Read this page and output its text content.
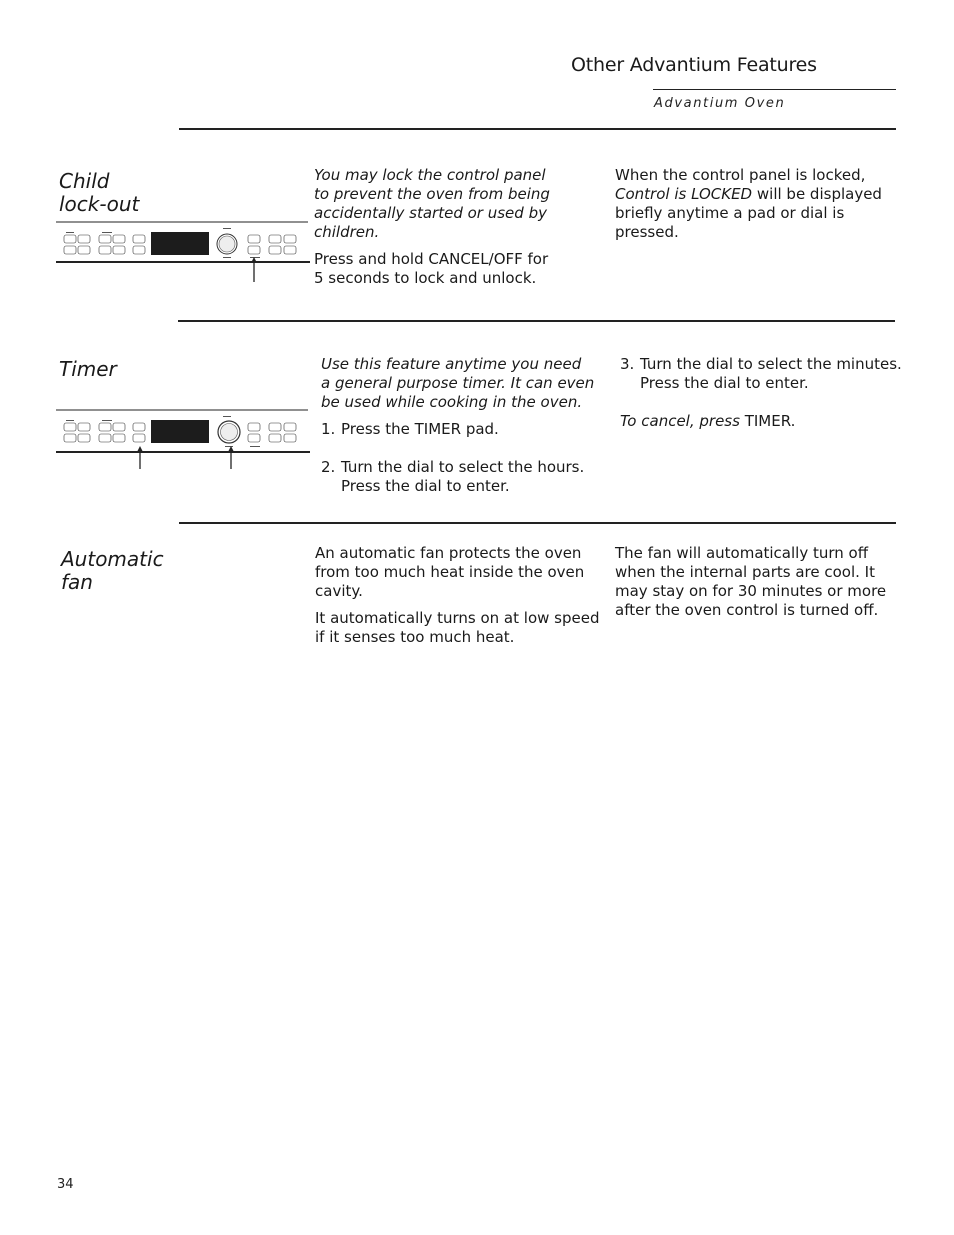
Other Advantium Features
Advantium Oven
Child
lock-out

You may lock the control panel

to prevent the oven from being

accidentally started or used by children.

Press and hold CANCEL/OFF for

5 seconds to lock and unlock.

When the control panel is locked,

Control is LOCKED will be displayed

briefly anytime a pad or dial is

pressed.

Timer	Use this feature anytime you need

a general purpose timer. It can even

be used while cooking in the oven.

1. Press the TIMER pad.
2. Turn the dial to select the hours.

Press the dial to enter.

3. Turn the dial to select the minutes.

Press the dial to enter.

To cancel, press TIMER.

Automatic
fan

An automatic fan protects the oven

from too much heat inside the oven

cavity.

It automatically turns on at low speed

if it senses too much heat.

The fan will automatically turn off

when the internal parts are cool. It

may stay on for 30 minutes or more

after the oven control is turned off.

34
